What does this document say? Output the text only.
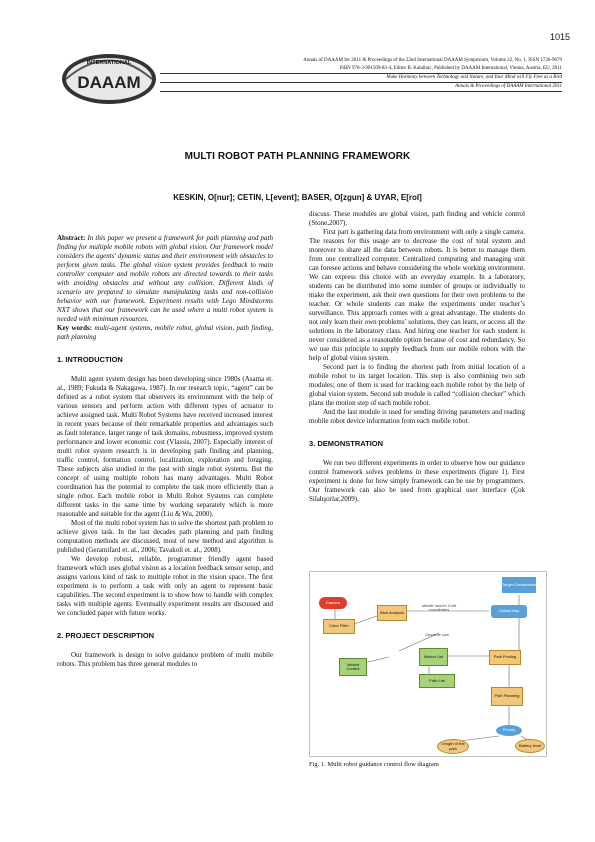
1015
INTERNATIONAL
DAAAM
Annals of DAAAM for 2011 & Proceedings of the 22nd International DAAAM Symposium, Volume 22, No. 1, ISSN 1726-9679
ISBN 978-3-901509-83-4, Editor B. Katalinic, Published by DAAAM International, Vienna, Austria, EU, 2011
Make Harmony between Technology and Nature, and Your Mind will Fly Free as a Bird
Annals & Proceedings of DAAAM International 2011
MULTI ROBOT PATH PLANNING FRAMEWORK
KESKIN, O[nur]; CETIN, L[event]; BASER, O[zgun] & UYAR, E[rol]

Abstract: In this paper we present a framework for path planning and path finding for multiple mobile robots with global vision. Our framework model considers the agents' dynamic status and their environment with obstacles to perform given tasks. The global vision system provides feedback to main controller computer and mobile robots are directed towards to their tasks with avoiding obstacles and without any collision. Different kinds of scenario are prepared to simulate manipulating tasks and non-collision behavior with our framework. Experiment results with Lego Mindstorms NXT shows that our framework can be used where a multi robot system is needed with minimum resources.

Key words: multi-agent systems, mobile robot, global vision, path finding, path planning

1. INTRODUCTION

Multi agent system design has been developing since 1980s (Asama et. al., 1989; Fukuda & Nakagawa, 1987). In our research topic, “agent” can be defined as a robot system that observers its environment with the help of various sensors and perform action with different types of actuator to achieve assigned task. Multi Robot Systems have received increased interest in recent years because of their remarkable properties and advantages such as fault tolerance, larger range of task domains, robustness, improved system performance and lower economic cost (Vlassis, 2007). Especially interest of multi robot system research is in developing path finding and planning, traffic control, formation control, localization, exploration and foraging. These subjects also studied in the past with single robot systems. But the concept of using multiple robots has many advantages. Multi Robot coordination has the potential to complete the task more efficiently than a single robot. Each mobile robot in Multi Robot Systems can complete different tasks in the same time by working separately which is more reasonable and suitable for the agent (Liu & Wu, 2000).

Most of the multi robot system has to solve the shortest path problem to achieve given task. In the last decades path planning and path finding computation methods are discussed, most of new method and algorithm is published (Geramifard et. al., 2006; Tavakoli et. al., 2008).

We develop robust, reliable, programmer friendly agent based framework which uses global vision as a location feedback sensor setup, and assigns various kind of task to multiple robot in the vision space. The first experiment is to perform a task with only an agent to represent basic capabilities. The second experiment is to show how to handle with complex tasks with multiple agents. Eventually experiment results are discussed and we concluded paper with future works.

2. PROJECT DESCRIPTION

Our framework is design to solve guidance problem of multi mobile robots. This problem has three general modules to

discuss. These modules are global vision, path finding and vehicle control (Stone,2007).

First part is gathering data from environment with only a single camera. The reasons for this usage are to decrease the cost of total system and moreover to share all the data between robots. It is better to manage them from one centralized computer. Centralized computing and managing unit can foresee actions and behave considering the whole working environment. We can express this choice with an everyday example. In a laboratory, students can be distributed into some number of groups or individually to make the experiment, ask their own questions for their own problems to the teacher. Or whole students can make the experiments under teacher’s surveillance. This approach comes with a great advantage. The students do not only learn their own problems’ solutions, they can learn, or access all the solutions in the laboratory class. And hiring one teacher for each student is never considered as a reasonable option because of cost and redundancy. So we use this principle to supply feedback from our mobile robots with the help of global vision system.

Second part is to finding the shortest path from initial location of a mobile robot to its target location. This step is also combining two sub modules; one of them is used for tracking each mobile robot by the help of global vision system. Second sub module is called “collision checker” which plans the motion step of each mobile robot.

And the last module is used for sending driving parameters and reading mobile robot device information from each mobile robot.

3. DEMONSTRATION

We run two different experiments in order to observe how our guidance control framework solves problems in these experiments (figure 1). First experiment is done for how simply framework can be use by programmers. Our framework can also be used from graphical user interface (Çok Silahşorlar,2009).

Camera
Target Coordinates
Color Filter
Blob Analysis
Mobile robot's CoM coordinates	Global Map
Obstacle size
Motion List
Vehicle Control
Path Finding
Path List
Path Planning
Priority
Length of the path
Battery level
Fig. 1. Multi robot guidance control flow diagram
